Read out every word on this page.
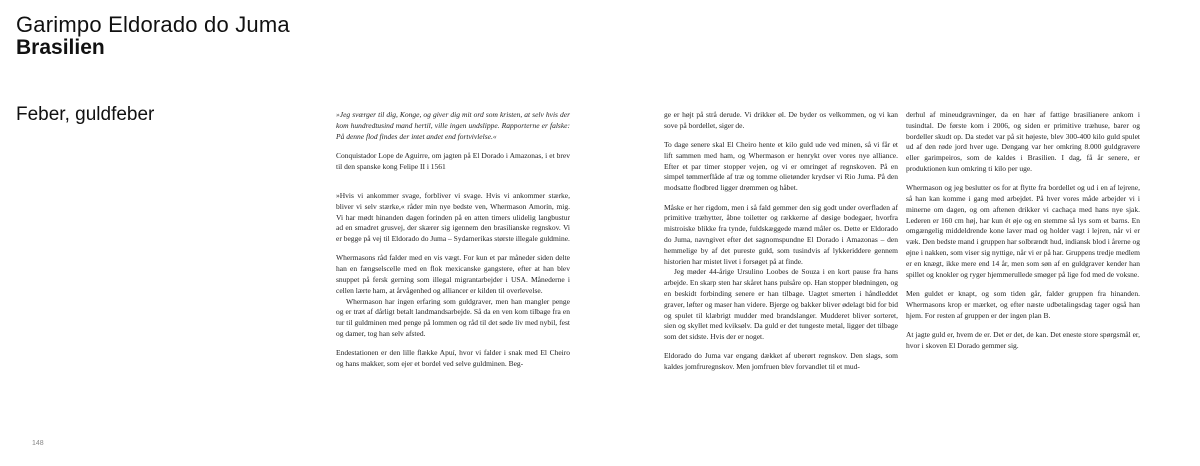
Garimpo Eldorado do Juma
Brasilien
Feber, guldfeber	»Jeg sværger til dig, Konge, og giver dig mit ord som kristen, at selv hvis der kom hundredtusind mand hertil, ville ingen undslippe. Rapporterne er falske: På denne flod findes der intet andet end fortvivlelse.«

Conquistador Lope de Aguirre, om jagten på El Dorado i Amazonas, i et brev til den spanske kong Felipe II i 1561

»Hvis vi ankommer svage, forbliver vi svage. Hvis vi ankommer stærke, bliver vi selv stærke,« råder min nye bedste ven, Whermason Amorín, mig. Vi har mødt hinanden dagen forinden på en atten timers ulidelig langbustur ad en smadret grusvej, der skærer sig igennem den brasilianske regnskov. Vi er begge på vej til Eldorado do Juma – Sydamerikas største illegale guldmine.

Whermasons råd falder med en vis vægt. For kun et par måneder siden delte han en fængselscelle med en flok mexicanske gangstere, efter at han blev snuppet på fersk gerning som illegal migrantarbejder i USA. Månederne i cellen lærte ham, at årvågenhed og alliancer er kilden til overlevelse.

Whermason har ingen erfaring som guldgraver, men han mangler penge og er træt af dårligt betalt landmandsarbejde. Så da en ven kom tilbage fra en tur til guldminen med penge på lommen og råd til det søde liv med nybil, fest og damer, tog han selv afsted.

Endestationen er den lille flække Apuí, hvor vi falder i snak med El Cheiro og hans makker, som ejer et bordel ved selve guldminen. Beg-

ge er højt på strå derude. Vi drikker øl. De byder os velkommen, og vi kan sove på bordellet, siger de.

To dage senere skal El Cheiro hente et kilo guld ude ved minen, så vi får et lift sammen med ham, og Whermason er henrykt over vores nye alliance. Efter et par timer stopper vejen, og vi er omringet af regnskoven. På en simpel tømmerflåde af træ og tomme olietønder krydser vi Rio Juma. På den modsatte flodbred ligger drømmen og håbet.

Måske er her rigdom, men i så fald gemmer den sig godt under overfladen af primitive træhytter, åbne toiletter og rækkerne af døsige bodegaer, hvorfra mistroiske blikke fra tynde, fuldskæggede mænd måler os. Dette er Eldorado do Juma, navngivet efter det sagnomspundne El Dorado i Amazonas – den hemmelige by af det pureste guld, som tusindvis af lykkeriddere gennem historien har mistet livet i forsøget på at finde.

Jeg møder 44-årige Ursulino Loobes de Souza i en kort pause fra hans arbejde. En skarp sten har skåret hans pulsåre op. Han stopper blødningen, og en beskidt forbinding senere er han tilbage. Uagtet smerten i håndleddet graver, løfter og maser han videre. Bjerge og bakker bliver ødelagt bid for bid og spulet til klæbrigt mudder med brandslanger. Mudderet bliver sorteret, sien og skyllet med kviksølv. Da guld er det tungeste metal, ligger det tilbage som det sidste. Hvis der er noget.

Eldorado do Juma var engang dækket af uberørt regnskov. Den slags, som kaldes jomfruregnskov. Men jomfruen blev forvandlet til et mud-

derhul af mineudgravninger, da en hær af fattige brasilianere ankom i tusindtal. De første kom i 2006, og siden er primitive træhuse, barer og bordeller skudt op. Da stedet var på sit højeste, blev 300-400 kilo guld spulet ud af den røde jord hver uge. Dengang var her omkring 8.000 guldgravere eller garimpeiros, som de kaldes i Brasilien. I dag, få år senere, er produktionen kun omkring ti kilo per uge.

Whermason og jeg beslutter os for at flytte fra bordellet og ud i en af lejrene, så han kan komme i gang med arbejdet. På hver vores måde arbejder vi i minerne om dagen, og om aftenen drikker vi cachaça med hans nye sjak. Lederen er 160 cm høj, har kun ét øje og en stemme så lys som et barns. En omgængelig middeldrende kone laver mad og holder vagt i lejren, når vi er væk. Den bedste mand i gruppen har solbrændt hud, indiansk blod i årerne og øjne i nakken, som viser sig nyttige, når vi er på har. Gruppens tredje medlem er en knægt, ikke mere end 14 år, men som søn af en guldgraver kender han spillet og knokler og ryger hjemmerullede smøger på lige fod med de voksne.

Men guldet er knapt, og som tiden går, falder gruppen fra hinanden. Whermasons krop er mærket, og efter næste udbetalingsdag tager også han hjem. For resten af gruppen er der ingen plan B.

At jagte guld er, hvem de er. Det er det, de kan. Det eneste store spørgsmål er, hvor i skoven El Dorado gemmer sig.

148
